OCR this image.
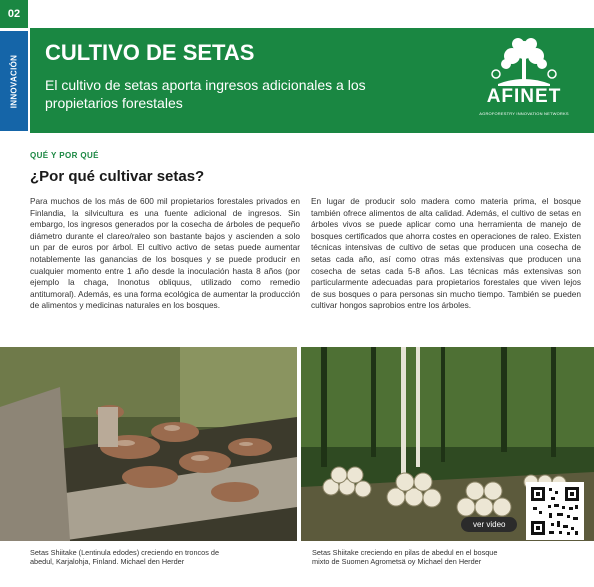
02
INNOVACIÓN
CULTIVO DE SETAS
El cultivo de setas aporta ingresos adicionales a los propietarios forestales	AFINET
AGROFORESTRY INNOVATION NETWORKS
QUÉ Y POR QUÉ
¿Por qué cultivar setas?

Para muchos de los más de 600 mil propietarios forestales privados en Finlandia, la silvicultura es una fuente adicional de ingresos. Sin embargo, los ingresos generados por la cosecha de árboles de pequeño diámetro durante el clareo/raleo son bastante bajos y ascienden a solo un par de euros por árbol. El cultivo activo de setas puede aumentar notablemente las ganancias de los bosques y se puede producir en cualquier momento entre 1 año desde la inoculación hasta 8 años (por ejemplo la chaga, Inonotus obliquus, utilizado como remedio antitumoral). Además, es una forma ecológica de aumentar la producción de alimentos y medicinas naturales en los bosques.

En lugar de producir solo madera como materia prima, el bosque también ofrece alimentos de alta calidad. Además, el cultivo de setas en árboles vivos se puede aplicar como una herramienta de manejo de bosques certificados que ahorra costes en operaciones de raleo. Existen técnicas intensivas de cultivo de setas que producen una cosecha de setas cada año, así como otras más extensivas que producen una cosecha de setas cada 5-8 años. Las técnicas más extensivas son particularmente adecuadas para propietarios forestales que viven lejos de sus bosques o para personas sin mucho tiempo. También se pueden cultivar hongos saprobios entre los árboles.

ver video
Setas Shiitake (Lentinula edodes) creciendo en troncos de abedul, Karjalohja, Finland. Michael den Herder
Setas Shiitake creciendo en pilas de abedul en el bosque mixto de Suomen Agrometsä oy Michael den Herder
